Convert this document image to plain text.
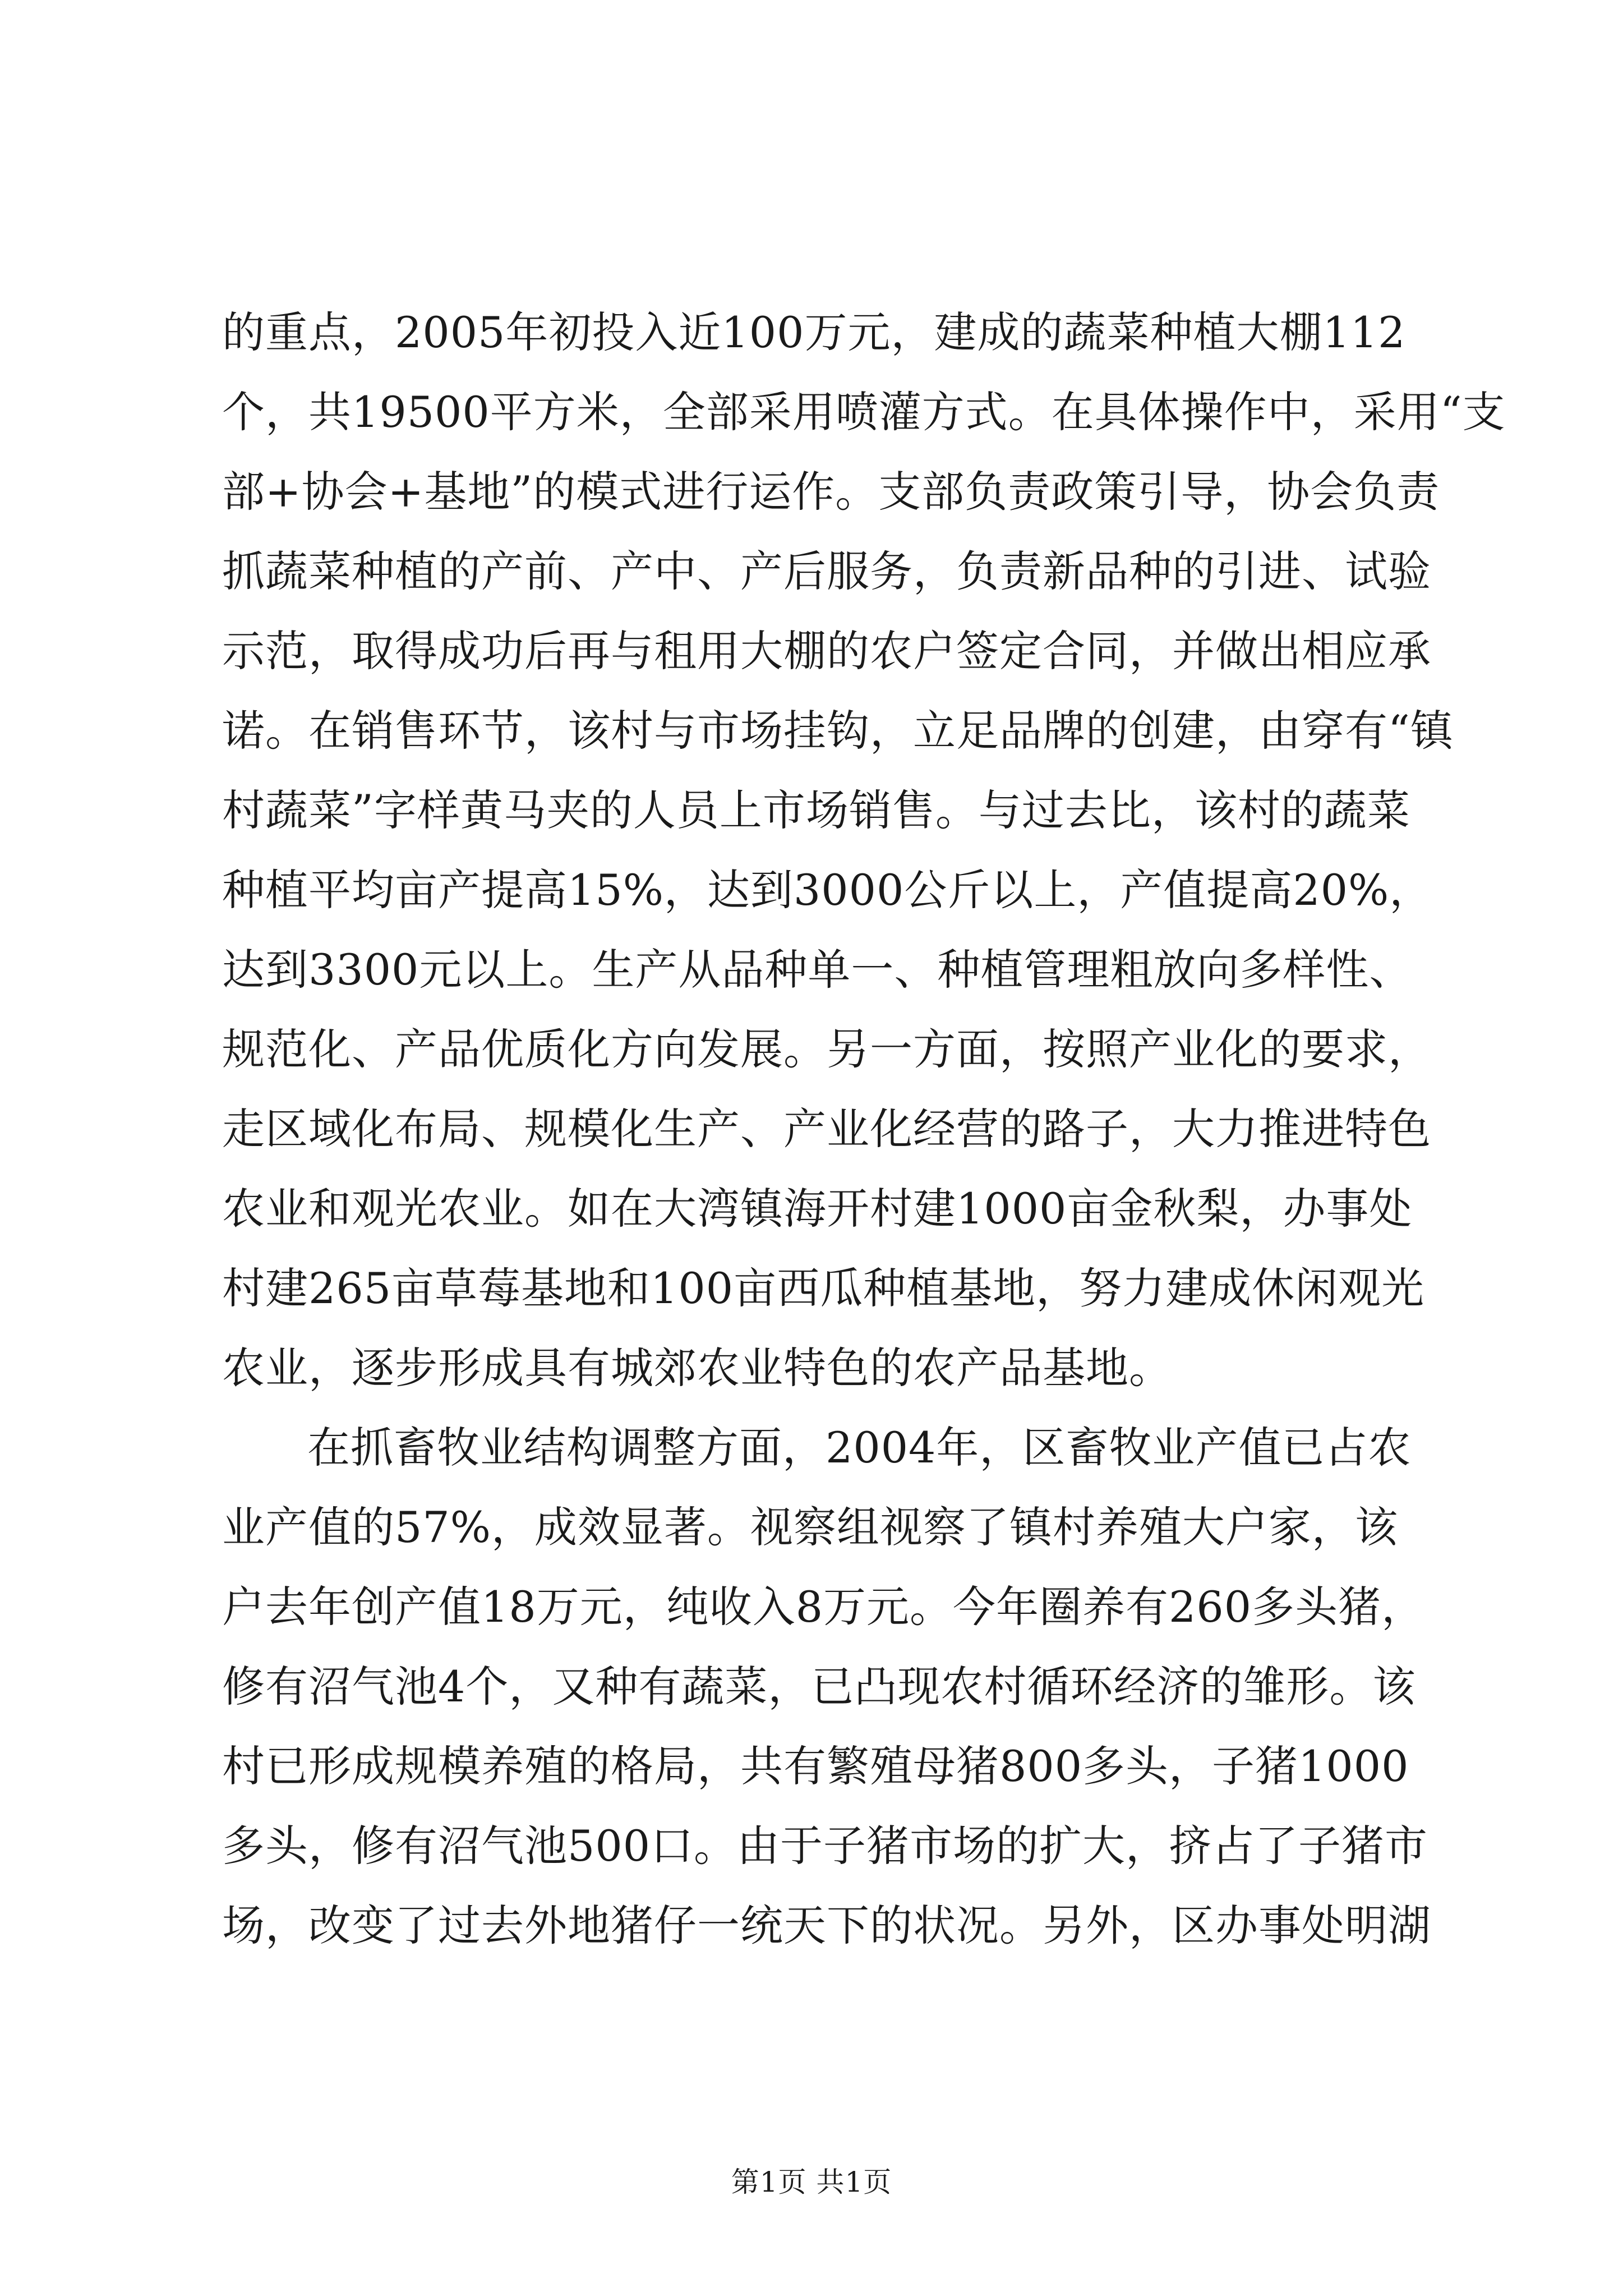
的重点，2005年初投入近100万元，建成的蔬菜种植大棚112
个，共19500平方米，全部采用喷灌方式。在具体操作中，采用“支
部+协会+基地”的模式进行运作。支部负责政策引导，协会负责
抓蔬菜种植的产前、产中、产后服务，负责新品种的引进、试验
示范，取得成功后再与租用大棚的农户签定合同，并做出相应承
诺。在销售环节，该村与市场挂钩，立足品牌的创建，由穿有“镇
村蔬菜”字样黄马夹的人员上市场销售。与过去比，该村的蔬菜
种植平均亩产提高15%，达到3000公斤以上，产值提高20%，
达到3300元以上。生产从品种单一、种植管理粗放向多样性、
规范化、产品优质化方向发展。另一方面，按照产业化的要求，
走区域化布局、规模化生产、产业化经营的路子，大力推进特色
农业和观光农业。如在大湾镇海开村建1000亩金秋梨，办事处
村建265亩草莓基地和100亩西瓜种植基地，努力建成休闲观光
农业，逐步形成具有城郊农业特色的农产品基地。
在抓畜牧业结构调整方面，2004年，区畜牧业产值已占农
业产值的57%，成效显著。视察组视察了镇村养殖大户家，该
户去年创产值18万元，纯收入8万元。今年圈养有260多头猪，
修有沼气池4个，又种有蔬菜，已凸现农村循环经济的雏形。该
村已形成规模养殖的格局，共有繁殖母猪800多头，子猪1000
多头，修有沼气池500口。由于子猪市场的扩大，挤占了子猪市
场，改变了过去外地猪仔一统天下的状况。另外，区办事处明湖
第1页 共1页
